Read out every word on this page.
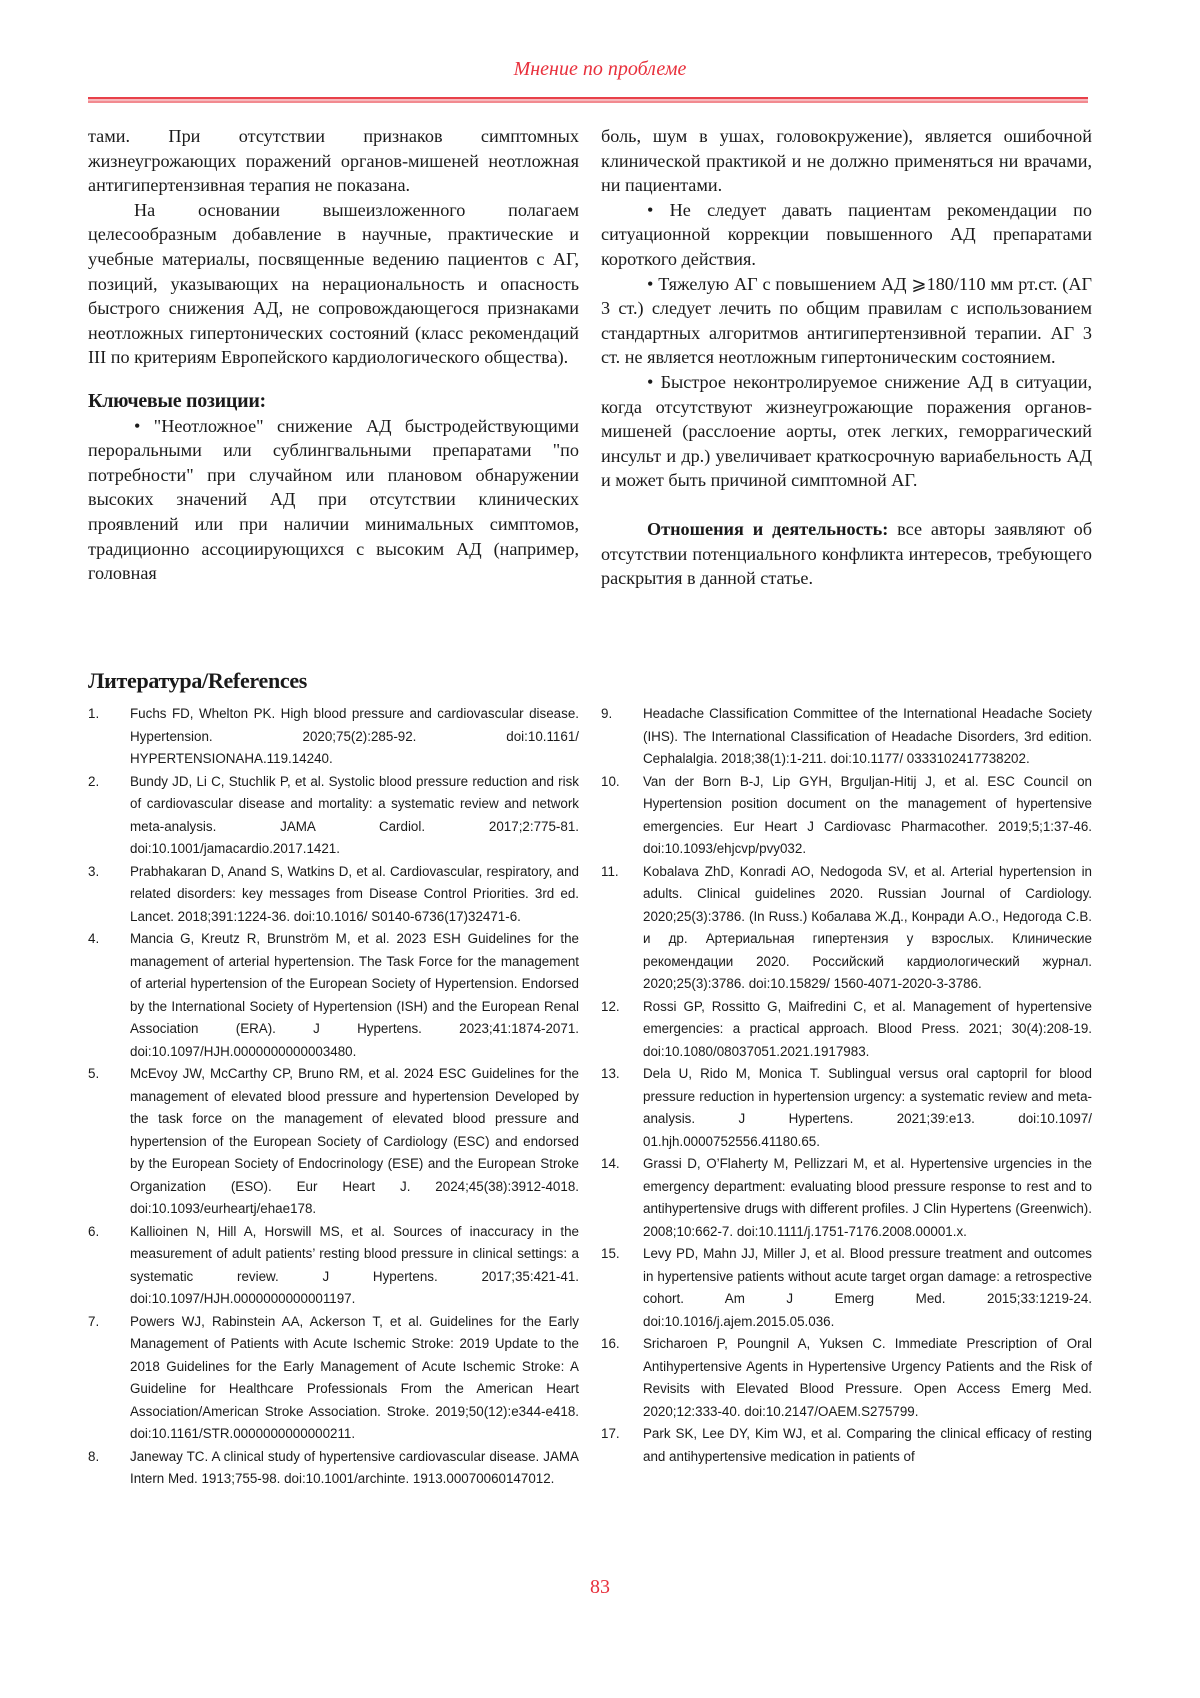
Мнение по проблеме

тами. При отсутствии признаков симптомных жизнеугрожающих поражений органов-мишеней неотложная антигипертензивная терапия не показана.

На основании вышеизложенного полагаем целесообразным добавление в научные, практические и учебные материалы, посвященные ведению пациентов с АГ, позиций, указывающих на нерациональность и опасность быстрого снижения АД, не сопровождающегося признаками неотложных гипертонических состояний (класс рекомендаций III по критериям Европейского кардиологического общества).

Ключевые позиции:

• "Неотложное" снижение АД быстродействующими пероральными или сублингвальными препаратами "по потребности" при случайном или плановом обнаружении высоких значений АД при отсутствии клинических проявлений или при наличии минимальных симптомов, традиционно ассоциирующихся с высоким АД (например, головная

боль, шум в ушах, головокружение), является ошибочной клинической практикой и не должно применяться ни врачами, ни пациентами.

• Не следует давать пациентам рекомендации по ситуационной коррекции повышенного АД препаратами короткого действия.

• Тяжелую АГ с повышением АД ⩾180/110 мм рт.ст. (АГ 3 ст.) следует лечить по общим правилам с использованием стандартных алгоритмов антигипертензивной терапии. АГ 3 ст. не является неотложным гипертоническим состоянием.

• Быстрое неконтролируемое снижение АД в ситуации, когда отсутствуют жизнеугрожающие поражения органов-мишеней (расслоение аорты, отек легких, геморрагический инсульт и др.) увеличивает краткосрочную вариабельность АД и может быть причиной симптомной АГ.

Отношения и деятельность: все авторы заявляют об отсутствии потенциального конфликта интересов, требующего раскрытия в данной статье.

Литература/References
1.	Fuchs FD, Whelton PK. High blood pressure and cardiovascular disease. Hypertension. 2020;75(2):285-92. doi:10.1161/ HYPERTENSIONAHA.119.14240.
2.	Bundy JD, Li C, Stuchlik P, et al. Systolic blood pressure reduction and risk of cardiovascular disease and mortality: a systematic review and network meta-analysis. JAMA Cardiol. 2017;2:775-81. doi:10.1001/jamacardio.2017.1421.
3.	Prabhakaran D, Anand S, Watkins D, et al. Cardiovascular, respiratory, and related disorders: key messages from Disease Control Priorities. 3rd ed. Lancet. 2018;391:1224-36. doi:10.1016/ S0140-6736(17)32471-6.
4.	Mancia G, Kreutz R, Brunström M, et al. 2023 ESH Guidelines for the management of arterial hypertension. The Task Force for the management of arterial hypertension of the European Society of Hypertension. Endorsed by the International Society of Hypertension (ISH) and the European Renal Association (ERA). J Hypertens. 2023;41:1874-2071. doi:10.1097/HJH.0000000000003480.
5.	McEvoy JW, McCarthy CP, Bruno RM, et al. 2024 ESC Guidelines for the management of elevated blood pressure and hypertension Developed by the task force on the management of elevated blood pressure and hypertension of the European Society of Cardiology (ESC) and endorsed by the European Society of Endocrinology (ESE) and the European Stroke Organization (ESO). Eur Heart J. 2024;45(38):3912-4018. doi:10.1093/eurheartj/ehae178.
6.	Kallioinen N, Hill A, Horswill MS, et al. Sources of inaccuracy in the measurement of adult patients’ resting blood pressure in clinical settings: a systematic review. J Hypertens. 2017;35:421-41. doi:10.1097/HJH.0000000000001197.
7.	Powers WJ, Rabinstein AA, Ackerson T, et al. Guidelines for the Early Management of Patients with Acute Ischemic Stroke: 2019 Update to the 2018 Guidelines for the Early Management of Acute Ischemic Stroke: A Guideline for Healthcare Professionals From the American Heart Association/American Stroke Association. Stroke. 2019;50(12):e344-e418. doi:10.1161/STR.0000000000000211.
8.	Janeway TC. A clinical study of hypertensive cardiovascular disease. JAMA Intern Med. 1913;755-98. doi:10.1001/archinte. 1913.00070060147012.
9.	Headache Classification Committee of the International Headache Society (IHS). The International Classification of Headache Disorders, 3rd edition. Cephalalgia. 2018;38(1):1-211. doi:10.1177/ 0333102417738202.
10.	Van der Born B-J, Lip GYH, Brguljan-Hitij J, et al. ESC Council on Hypertension position document on the management of hypertensive emergencies. Eur Heart J Cardiovasc Pharmacother. 2019;5;1:37-46. doi:10.1093/ehjcvp/pvy032.
11.	Kobalava ZhD, Konradi AO, Nedogoda SV, et al. Arterial hypertension in adults. Clinical guidelines 2020. Russian Journal of Cardiology. 2020;25(3):3786. (In Russ.) Кобалава Ж.Д., Конради А.О., Недогода С.В. и др. Артериальная гипертензия у взрослых. Клинические рекомендации 2020. Российский кардиологический журнал. 2020;25(3):3786. doi:10.15829/ 1560-4071-2020-3-3786.
12.	Rossi GP, Rossitto G, Maifredini C, et al. Management of hypertensive emergencies: a practical approach. Blood Press. 2021; 30(4):208-19. doi:10.1080/08037051.2021.1917983.
13.	Dela U, Rido M, Monica T. Sublingual versus oral captopril for blood pressure reduction in hypertension urgency: a systematic review and meta-analysis. J Hypertens. 2021;39:e13. doi:10.1097/ 01.hjh.0000752556.41180.65.
14.	Grassi D, O’Flaherty M, Pellizzari M, et al. Hypertensive urgencies in the emergency department: evaluating blood pressure response to rest and to antihypertensive drugs with different profiles. J Clin Hypertens (Greenwich). 2008;10:662-7. doi:10.1111/j.1751-7176.2008.00001.x.
15.	Levy PD, Mahn JJ, Miller J, et al. Blood pressure treatment and outcomes in hypertensive patients without acute target organ damage: a retrospective cohort. Am J Emerg Med. 2015;33:1219-24. doi:10.1016/j.ajem.2015.05.036.
16.	Sricharoen P, Poungnil A, Yuksen C. Immediate Prescription of Oral Antihypertensive Agents in Hypertensive Urgency Patients and the Risk of Revisits with Elevated Blood Pressure. Open Access Emerg Med. 2020;12:333-40. doi:10.2147/OAEM.S275799.
17.	Park SK, Lee DY, Kim WJ, et al. Comparing the clinical efficacy of resting and antihypertensive medication in patients of
83
